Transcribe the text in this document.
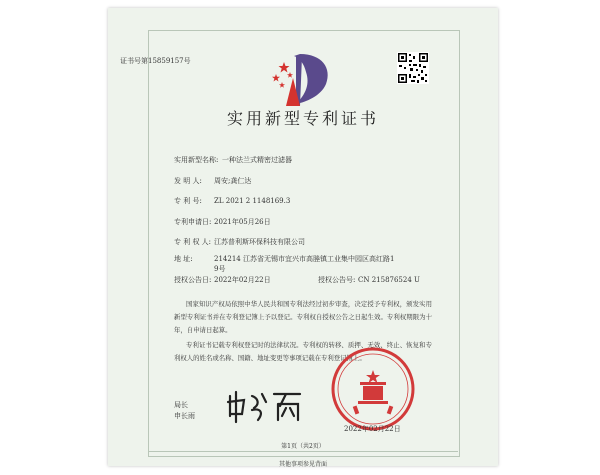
证书号第15859157号
实用新型专利证书
实用新型名称: 一种法兰式精密过滤器
发 明 人: 周安;龚仁达
专 利 号: ZL 2021 2 1148169.3
专利申请日: 2021年05月26日
专 利 权 人: 江苏普利斯环保科技有限公司
地 址:	214214 江苏省无锡市宜兴市高塍镇工业集中园区高红路1
9号
授权公告日: 2022年02月22日	授权公告号: CN 215876524 U
国家知识产权局依照中华人民共和国专利法经过初步审查，决定授予专利权，颁发实用新型专利证书并在专利登记簿上予以登记。专利权自授权公告之日起生效。专利权期限为十年，自申请日起算。
专利证书记载专利权登记时的法律状况。专利权的转移、质押、无效、终止、恢复和专利权人的姓名或名称、国籍、地址变更等事项记载在专利登记簿上。
局长
申长雨
2022年02月22日
第1页（共2页）
其他事项参见背面
